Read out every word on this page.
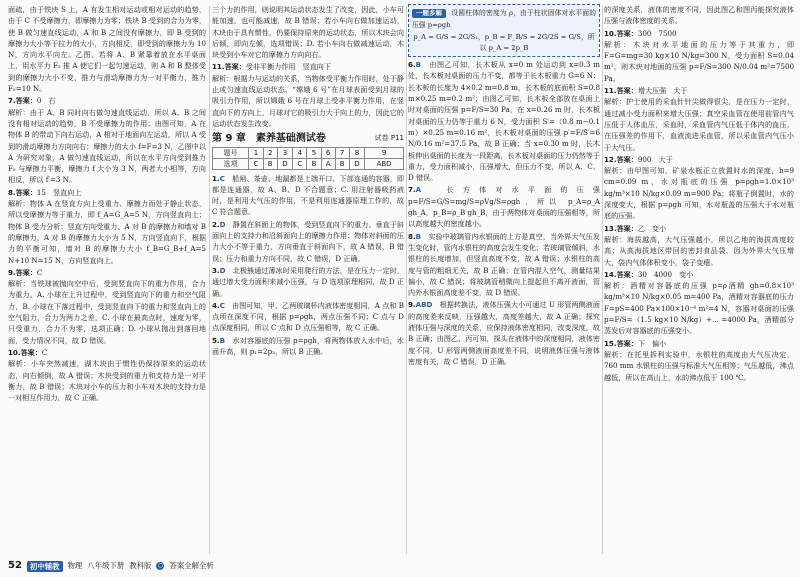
面疏，由于铁块 S 上，A 有发生相对运动或相对运动的趋势，由于 C 不受摩擦力，即摩擦力为零；铁块 B 受到的合力为零，使 B 做匀速直线运动，A 和 B 之间没有摩擦力，即 B 受到的摩擦力大小等于拉力的大小，方向相反，即受到的摩擦力为 10 N，方向水平向左。乙图，若将 A、B 紧靠着放在水平桌面上，用水平力 F₂ 推 A 使它们一起匀速运动，则 A 和 B 整体受到的摩擦力大小不变，推力与滑动摩擦力为一对平衡力，推力 F₂=10 N。

7.答案：0　右

解析：由于 A、B 同时向右做匀速直线运动，所以 A、B 之间没有相对运动的趋势，B 不受摩擦力的作用；由图可知，A 在物体 B 的带动下向右运动，A 相对于地面向左运动，所以 A 受到的滑动摩擦力方向向右；摩擦力的大小 f=F=3 N，乙图中以 A 为研究对象，A 做匀速直线运动，所以在水平方向受到推力 F₂ 与摩擦力平衡，摩擦力 f 大小为 3 N，两者大小相等，方向相反，所以 f′=3 N。

8.答案：15　竖直向上

解析：物体 A 在竖直方向上受重力、摩擦力而处于静止状态，所以受摩擦力等于重力，即 f_A=G_A=5 N，方向竖直向上；物体 B 受力分析：竖直方向受重力、A 对 B 的摩擦力和墙对 B 的摩擦力，A 对 B 的摩擦力大小为 5 N，方向竖直向下，根据力的平衡可知，墙对 B 的摩擦力大小 f_B=G_B+f_A=5 N+10 N=15 N，方向竖直向上。

9.答案：C

解析：当铁球被抛向空中后，受到竖直向下的重力作用，合力为重力。A. 小球在上升过程中，受到竖直向下的重力和空气阻力，B. 小球在下落过程中，受到竖直向下的重力和竖直向上的空气阻力，合力为两力之差，C. 小球在最高点时，速度为零，只受重力，合力不为零，选项正确；D. 小球从抛出到落回地面，受力情况不同，故 D 错误。

10.答案：C

解析：小车突然减速，湖木块由于惯性仍保持原来的运动状态，向右倾倒，故 A 错误；木块受到的重力和支持力是一对平衡力，故 B 错误；木块对小车的压力和小车对木块的支持力是一对相互作用力，故 C 正确。

三个力的作用，则说明其运动状态发生了改变，因此，小车可能加速，也可能减速，故 B 错误；若小车向右做加速运动，木块由于具有惯性，仍要保持原来的运动状态，所以木块会向后倾，即向左倾，选项错误；D. 若小车向右做减速运动，木块受到小车对它的摩擦力方向向右。

11.答案：受非平衡力作用　竖直向下

解析：根据力与运动的关系，当物体受平衡力作用时，处于静止或匀速直线运动状态，“嫦娥 6 号”在月球表面受到月球的吸引力作用，所以嫦娥 6 号在月球上受非平衡力作用，在竖直向下的方向上，月球对它的吸引力大于向上的力，因此它的运动状态发生改变。

第 9 章　素养基础测试卷	试卷 P11
题号	1	2	3	4	5	6	7	8	9
选项	C	B	D	C	B	A	B	D	ABD

1.C　 船闸、茶壶、地漏都是上端开口、下部连通的容器，即都是连通器，故 A、B、D 不合题意；C. 用注射器吸药液时，是利用大气压的作用，不是利用连通器原理工作的，故 C 符合题意。

2.D　 静置在斜面上的物体，受到竖直向下的重力、垂直于斜面向上的支持力和沿斜面向上的摩擦力作用；物体对斜面的压力大小不等于重力，方向垂直于斜面向下，故 A 错误，B 错误；压力和重力方向不同，故 C 错误，D 正确。

3.D　 北极熊通过薄冰时采用爬行的方法，是在压力一定时，通过增大受力面积来减小压强，与 D 选项原理相同，故 D 正确。

4.C　 由图可知，甲、乙两玻璃杯内液体密度相同，A 点和 B 点所在深度不同，根据 p=ρgh，两点压强不同；C 点与 D 点深度相同，所以 C 点和 D 点压强相等，故 C 正确。

5.B　 水对容器底的压强 p=ρgh，将两物体放入水中后，水面升高，则 p₁=2p₂，所以 B 正确。

一题多解 设圆柱体的密度为 ρ，由于柱状固体对水平面的压强 p=ρgh
p_A = G/S = 2G/S₁，p_B = F_B/S = 2G/2S = G/S，所以 p_A = 2p_B

6.B　 由图乙可知，长木板从 x=0 m 处运动到 x=0.3 m 处，长木板对桌面的压力不变，都等于长木板重力 G=6 N；长木板的长度为 4×0.2 m=0.8 m，长木板的底面积 S=0.8 m×0.25 m=0.2 m²；由图乙可知，长木板全部放在桌面上时对桌面的压强 p=F/S=30 Pa，在 x=0.26 m 时，长木板对桌面的压力仍等于重力 6 N，受力面积 S′=（0.8 m−0.1 m）×0.25 m=0.16 m²，长木板对桌面的压强 p′=F/S′=6 N/0.16 m²=37.5 Pa，故 B 正确；当 x=0.30 m 时，长木板伸出桌面的长度为一段距离，长木板对桌面的压力仍然等于重力，受力面积减小，压强增大，但压力不变，所以 A、C、D 错误。

7.A　	长方体对水平面的压强 p=F/S=G/S=mg/S=ρVg/S=ρgh，所以 p_A=ρ_A gh_A，p_B=ρ_B gh_B，由于两物体对桌面的压强相等，所以高度越大的密度越小。

8.B　 实验中玻璃管内水银面的上方是真空，当外界大气压发生变化时，管内水银柱的高度会发生变化；若玻璃管倾斜，水银柱的长度增加，但竖直高度不变，故 A 错误；水银柱的高度与管的粗细无关，故 B 正确；在管内混入空气，测量结果偏小，故 C 错误；将玻璃管稍微向上提起但不离开液面，管内外水银面高度差不变，故 D 错误。

9.ABD　 根据转换法，液体压强大小可通过 U 形管两侧液面的高度差来反映，压强越大，高度差越大，故 A 正确；探究液体压强与深度的关系，应保持液体密度相同，改变深度，故 B 正确；由图乙、丙可知，探头在液体中的深度相同，液体密度不同，U 形管两侧液面高度差不同，说明液体压强与液体密度有关，故 C 错误，D 正确。

的深度关系，液体的密度不同，因此图乙和图丙能探究液体压强与液体密度的关系。

10.答案：300　7500

解析：木块对水平地面的压力等于其重力，即 F=G=mg=30 kg×10 N/kg=300 N，受力面积 S=0.04 m²，则木块对地面的压强 p=F/S=300 N/0.04 m²=7500 Pa。

11.答案：增大压强　大于

解析：护士使用的采血针针尖做得很尖，是在压力一定时，通过减小受力面积来增大压强；真空采血管在使用前管内气压低于人体血压，采血时，采血管内气压低于体内的血压，在压强差的作用下，血液流进采血管，所以采血管内气压小于大气压。

12.答案：900　大于

解析：由甲图可知，矿泉水瓶正立放置时水的深度，h=9 cm=0.09 m，水对瓶底的压强 p=ρgh=1.0×10³ kg/m³×10 N/kg×0.09 m=900 Pa；将瓶子倒置时，水的深度变大，根据 p=ρgh 可知，水对瓶盖的压强大于水对瓶底的压强。

13.答案：乙　变小

解析：海拔越高，大气压强越小，所以乙地的海拔高度较高；从高海拔地区带回的密封食品袋，因为外界大气压增大，袋内气体体积变小，袋子变瘪。

14.答案：30　4000　变小

解析：酒精对容器底的压强 p=ρ酒精 gh=0.8×10³ kg/m³×10 N/kg×0.05 m=400 Pa，酒精对容器底的压力 F=pS=400 Pa×100×10⁻⁴ m²=4 N，容器对桌面的压强 p=F/S=（1.5 kg×10 N/kg）+... =4000 Pa，酒精部分蒸发后对容器底的压强变小。

15.答案：下　偏小

解析：在托里拆利实验中，水银柱的高度由大气压决定，760 mm 水银柱的压强与标准大气压相等；气压越低，沸点越低，所以在高山上，水的沸点低于 100 ℃。

52	初中辅教	物理 八年级下册 教科版 ○ 答案全解全析
